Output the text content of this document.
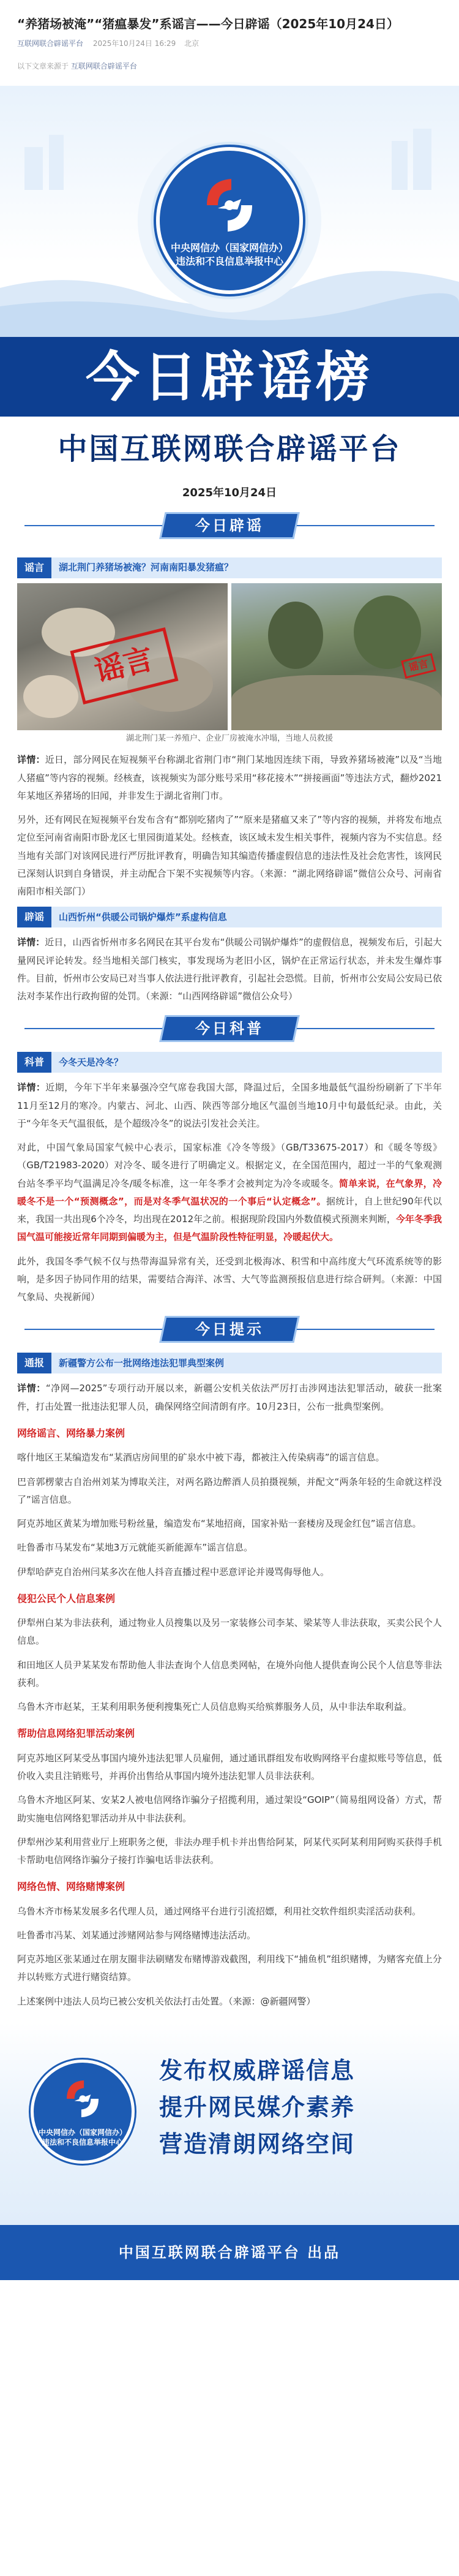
“养猪场被淹”“猪瘟暴发”系谣言——今日辟谣（2025年10月24日）
互联网联合辟谣平台 2025年10月24日 16:29 北京
以下文章来源于 互联网联合辟谣平台
中央网信办（国家网信办）
违法和不良信息举报中心
今日辟谣榜
中国互联网联合辟谣平台
2025年10月24日
今日辟谣
谣言	湖北荆门养猪场被淹？河南南阳暴发猪瘟？
谣言	谣言
湖北荆门某一养殖户、企业厂房被淹水冲塌，当地人员救援

详情：近日，部分网民在短视频平台称湖北省荆门市“荆门某地因连续下雨，导致养猪场被淹”以及“当地人猪瘟”等内容的视频。经核查，该视频实为部分账号采用“移花接木”“拼接画面”等违法方式，翻炒2021年某地区养猪场的旧闻，并非发生于湖北省荆门市。

另外，还有网民在短视频平台发布含有“都别吃猪肉了”“原来是猪瘟又来了”等内容的视频，并将发布地点定位至河南省南阳市卧龙区七里园街道某处。经核查，该区域未发生相关事件，视频内容为不实信息。经当地有关部门对该网民进行严厉批评教育，明确告知其编造传播虚假信息的违法性及社会危害性，该网民已深刻认识到自身错误，并主动配合下架不实视频等内容。（来源：“湖北网络辟谣”微信公众号、河南省南阳市相关部门）

辟谣	山西忻州“供暖公司锅炉爆炸”系虚构信息

详情：近日，山西省忻州市多名网民在其平台发布“供暖公司锅炉爆炸”的虚假信息，视频发布后，引起大量网民评论转发。经当地相关部门核实，事发现场为老旧小区，锅炉在正常运行状态，并未发生爆炸事件。目前，忻州市公安局已对当事人依法进行批评教育，引起社会恐慌。目前，忻州市公安局公安局已依法对李某作出行政拘留的处罚。（来源：“山西网络辟谣”微信公众号）

今日科普
科普	今冬天是冷冬？

详情：近期，今年下半年来暴强冷空气席卷我国大部，降温过后，全国多地最低气温纷纷刷新了下半年11月至12月的寒冷。内蒙古、河北、山西、陕西等部分地区气温创当地10月中旬最低纪录。由此，关于“今年冬天气温很低，是个超级冷冬”的说法引发社会关注。

对此，中国气象局国家气候中心表示，国家标准《冷冬等级》（GB/T33675-2017）和《暖冬等级》（GB/T21983-2020）对冷冬、暖冬进行了明确定义。根据定义，在全国范围内，超过一半的气象观测台站冬季平均气温满足冷冬/暖冬标准，这一年冬季才会被判定为冷冬或暖冬。简单来说，在气象界，冷暖冬不是一个“预测概念”，而是对冬季气温状况的一个事后“认定概念”。据统计，自上世纪90年代以来，我国一共出现6个冷冬，均出现在2012年之前。根据现阶段国内外数值模式预测来判断，今年冬季我国气温可能接近常年同期到偏暖为主，但是气温阶段性特征明显，冷暖起伏大。

此外，我国冬季气候不仅与热带海温异常有关，还受到北极海冰、积雪和中高纬度大气环流系统等的影响，是多因子协同作用的结果，需要结合海洋、冰雪、大气等监测预报信息进行综合研判。（来源：中国气象局、央视新闻）

今日提示
通报	新疆警方公布一批网络违法犯罪典型案例

详情：“净网—2025”专项行动开展以来，新疆公安机关依法严厉打击涉网违法犯罪活动，破获一批案件，打击处置一批违法犯罪人员，确保网络空间清朗有序。10月23日，公布一批典型案例。

网络谣言、网络暴力案例

喀什地区王某编造发布“某酒店房间里的矿泉水中被下毒，都被注入传染病毒”的谣言信息。

巴音郭楞蒙古自治州刘某为博取关注，对两名路边醉酒人员拍摄视频，并配文“两条年轻的生命就这样没了”谣言信息。

阿克苏地区黄某为增加账号粉丝量，编造发布“某地招商，国家补贴一套楼房及现金红包”谣言信息。

吐鲁番市马某发布“某地3万元就能买新能源车”谣言信息。

伊犁哈萨克自治州闫某多次在他人抖音直播过程中恶意评论并谩骂侮辱他人。

侵犯公民个人信息案例

伊犁州白某为非法获利，通过物业人员搜集以及另一家装修公司李某、梁某等人非法获取，买卖公民个人信息。

和田地区人员尹某某发布帮助他人非法查询个人信息类网帖，在境外向他人提供查询公民个人信息等非法获利。

乌鲁木齐市赵某，王某利用职务便利搜集死亡人员信息购买给殡葬服务人员，从中非法牟取利益。

帮助信息网络犯罪活动案例

阿克苏地区阿某受丛事国内境外违法犯罪人员雇佣，通过通讯群组发布收购网络平台虚拟账号等信息，低价收入卖且注销账号，并再价出售给从事国内境外违法犯罪人员非法获利。

乌鲁木齐地区阿某、安某2人被电信网络诈骗分子招揽利用，通过架设“GOIP”（简易组网设备）方式，帮助实施电信网络犯罪活动并从中非法获利。

伊犁州沙某利用营业厅上班职务之便，非法办理手机卡并出售给阿某，阿某代买阿某利用阿购买获得手机卡帮助电信网络诈骗分子接打诈骗电话非法获利。

网络色情、网络赌博案例

乌鲁木齐市杨某发展多名代理人员，通过网络平台进行引流招嫖，利用社交软件组织卖淫活动获利。

吐鲁番市冯某、刘某通过涉赌网站参与网络赌博违法活动。

阿克苏地区张某通过在朋友圈非法刷赌发布赌博游戏截图，利用线下“捕鱼机”组织赌博，为赌客充值上分并以转账方式进行赌资结算。

上述案例中违法人员均已被公安机关依法打击处置。（来源：@新疆网警）

中央网信办（国家网信办）
违法和不良信息举报中心
发布权威辟谣信息
提升网民媒介素养
营造清朗网络空间
中国互联网联合辟谣平台 出品
